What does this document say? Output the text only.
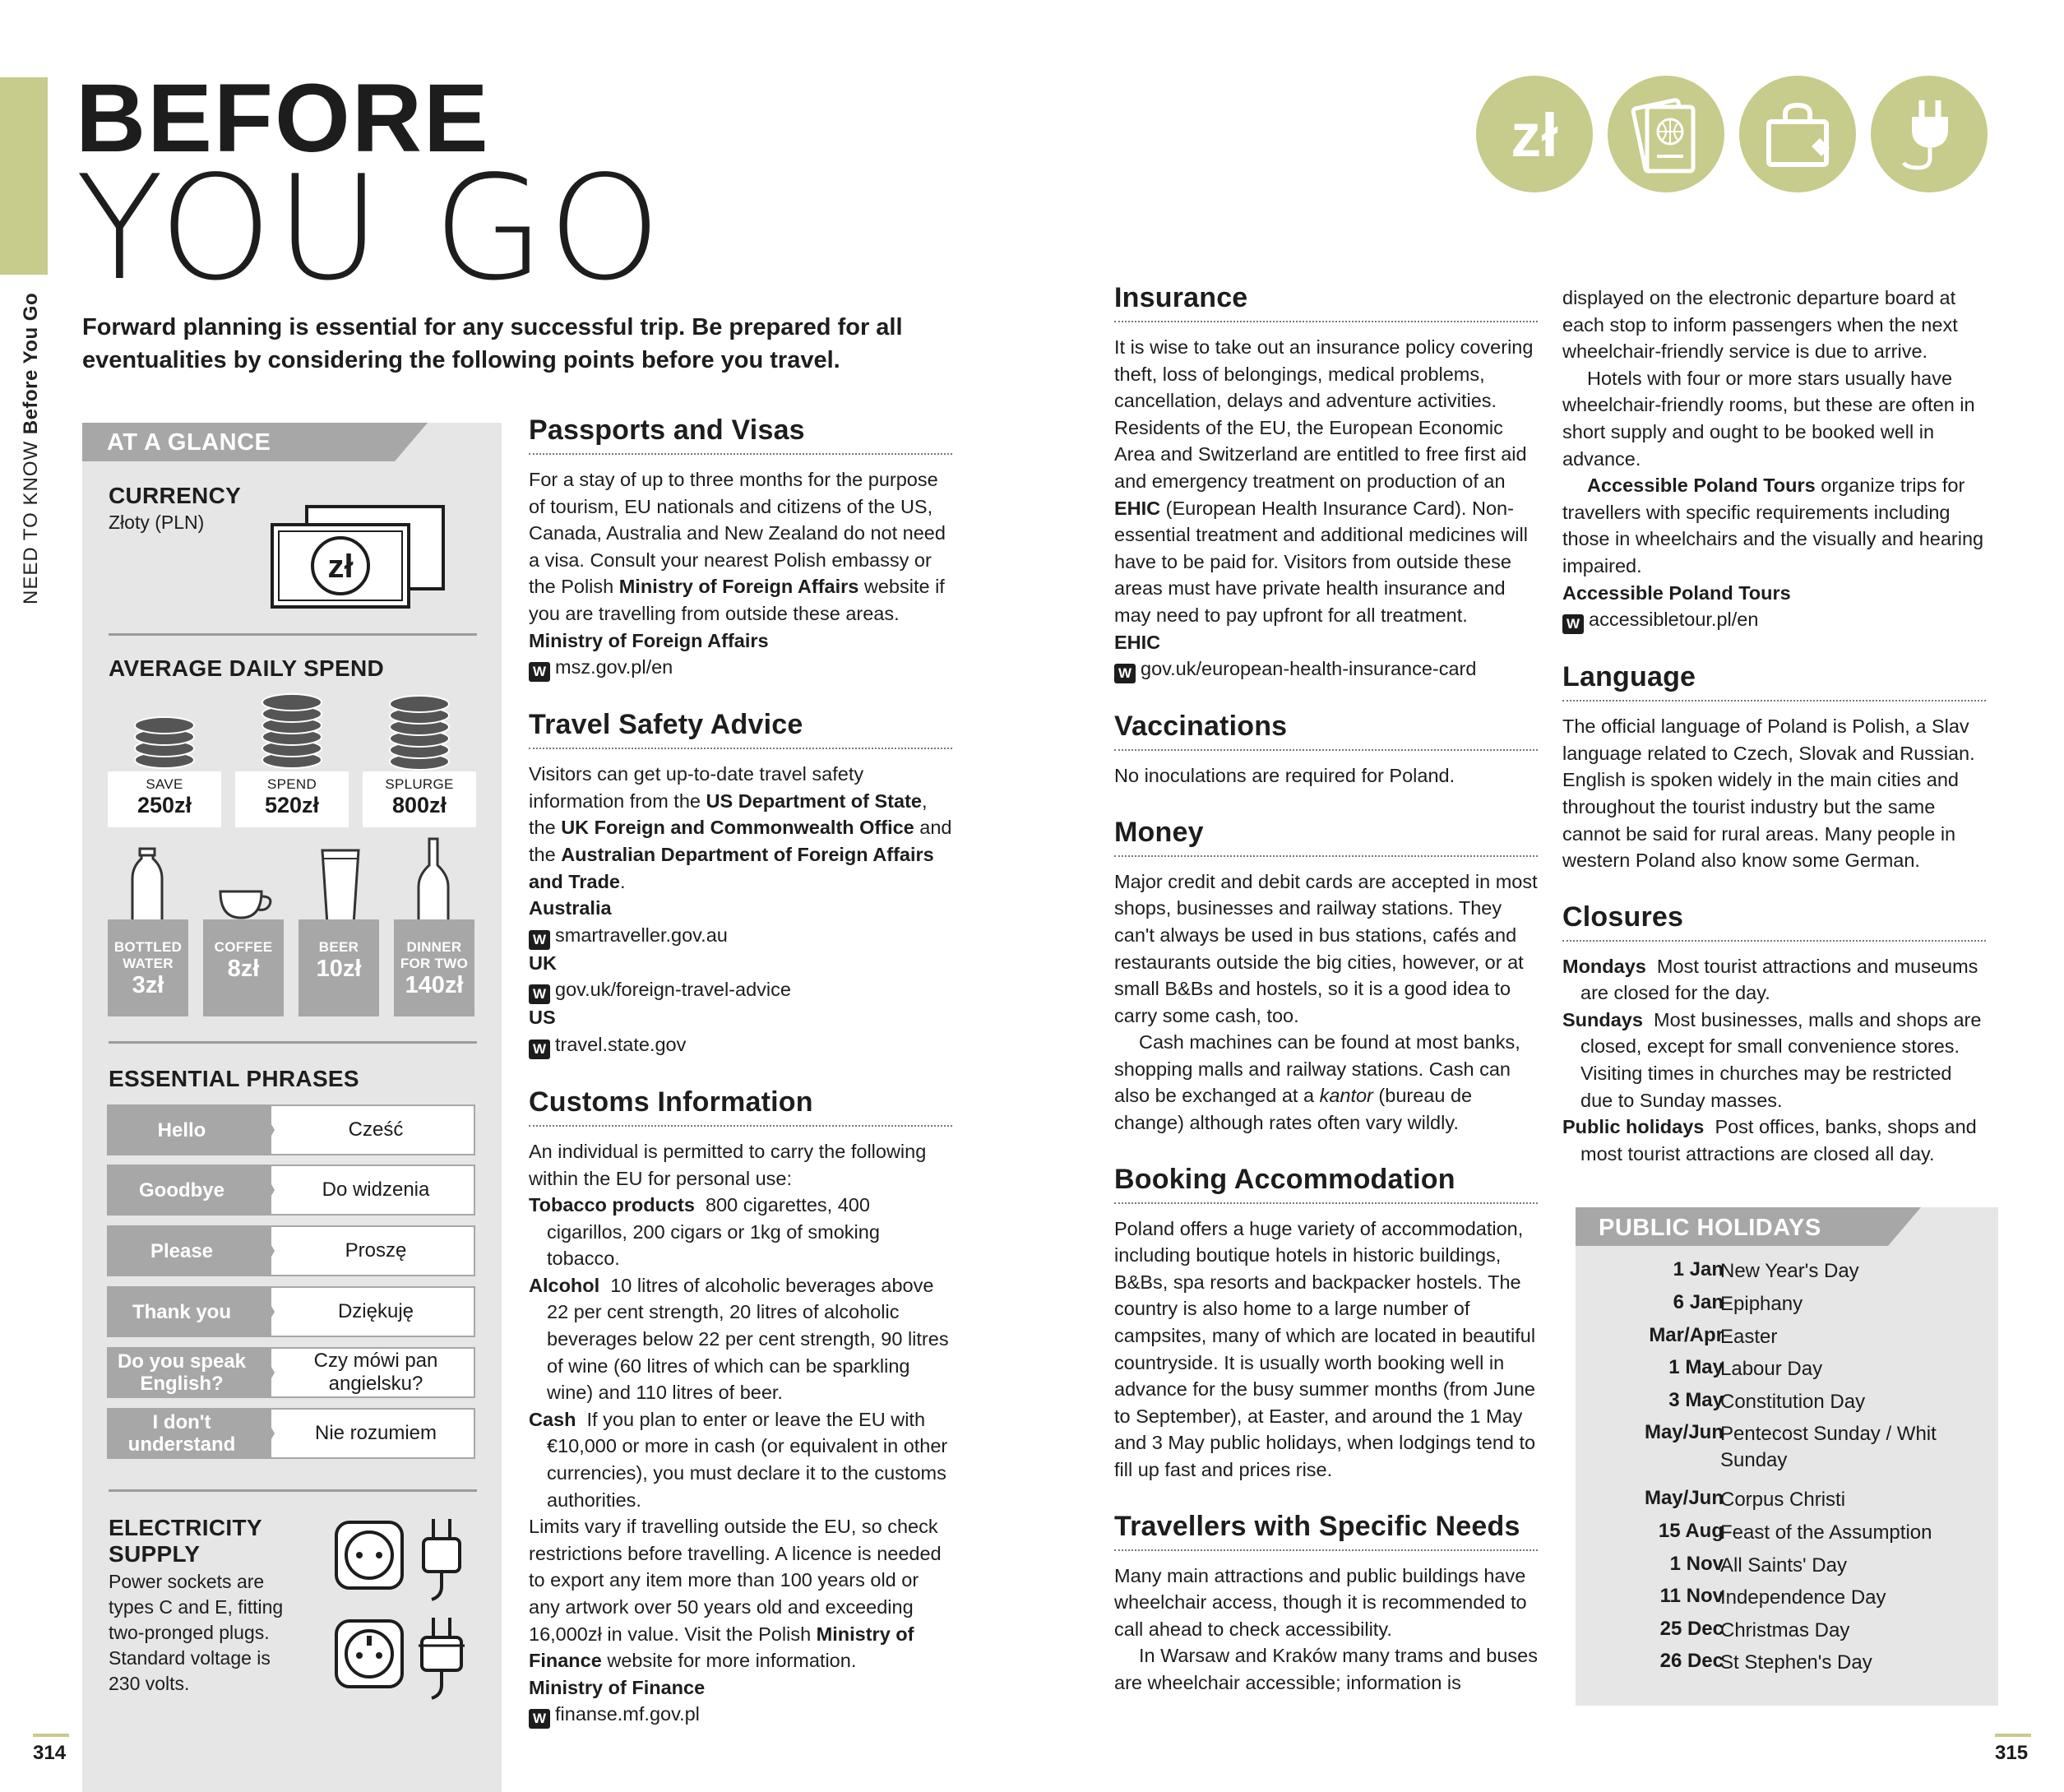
NEED TO KNOW Before You Go
BEFORE
YOU GO
Forward planning is essential for any successful trip. Be prepared for all eventualities by considering the following points before you travel.
zł
AT A GLANCE
CURRENCY
Złoty (PLN)
zł
AVERAGE DAILY SPEND
SAVE
250zł
SPEND
520zł
SPLURGE
800zł
BOTTLED
WATER
3zł
COFFEE
8zł
BEER
10zł
DINNER
FOR TWO
140zł
ESSENTIAL PHRASES
Cześć
Hello
Do widzenia
Goodbye
Proszę
Please
Dziękuję
Thank you
Czy mówi pan angielsku?
Do you speak English?
Nie rozumiem
I don't understand
ELECTRICITY
SUPPLY
Power sockets are types C and E, fitting two-pronged plugs. Standard voltage is 230 volts.
Passports and Visas
For a stay of up to three months for the purpose of tourism, EU nationals and citizens of the US, Canada, Australia and New Zealand do not need a visa. Consult your nearest Polish embassy or the Polish Ministry of Foreign Affairs website if you are travelling from outside these areas.
Ministry of Foreign Affairs
W msz.gov.pl/en
Travel Safety Advice
Visitors can get up-to-date travel safety information from the US Department of State, the UK Foreign and Commonwealth Office and the Australian Department of Foreign Affairs and Trade.
Australia
W smartraveller.gov.au
UK
W gov.uk/foreign-travel-advice
US
W travel.state.gov
Customs Information
An individual is permitted to carry the following within the EU for personal use:
Tobacco products 800 cigarettes, 400 cigarillos, 200 cigars or 1kg of smoking tobacco.
Alcohol 10 litres of alcoholic beverages above 22 per cent strength, 20 litres of alcoholic beverages below 22 per cent strength, 90 litres of wine (60 litres of which can be sparkling wine) and 110 litres of beer.
Cash If you plan to enter or leave the EU with €10,000 or more in cash (or equivalent in other currencies), you must declare it to the customs authorities.
Limits vary if travelling outside the EU, so check restrictions before travelling. A licence is needed to export any item more than 100 years old or any artwork over 50 years old and exceeding 16,000zł in value. Visit the Polish Ministry of Finance website for more information.
Ministry of Finance
W finanse.mf.gov.pl
Insurance
It is wise to take out an insurance policy covering theft, loss of belongings, medical problems, cancellation, delays and adventure activities. Residents of the EU, the European Economic Area and Switzerland are entitled to free first aid and emergency treatment on production of an EHIC (European Health Insurance Card). Non-essential treatment and additional medicines will have to be paid for. Visitors from outside these areas must have private health insurance and may need to pay upfront for all treatment.
EHIC
W gov.uk/european-health-insurance-card
Vaccinations
No inoculations are required for Poland.
Money
Major credit and debit cards are accepted in most shops, businesses and railway stations. They can't always be used in bus stations, cafés and restaurants outside the big cities, however, or at small B&Bs and hostels, so it is a good idea to carry some cash, too.
Cash machines can be found at most banks, shopping malls and railway stations. Cash can also be exchanged at a kantor (bureau de change) although rates often vary wildly.
Booking Accommodation
Poland offers a huge variety of accommodation, including boutique hotels in historic buildings, B&Bs, spa resorts and backpacker hostels. The country is also home to a large number of campsites, many of which are located in beautiful countryside. It is usually worth booking well in advance for the busy summer months (from June to September), at Easter, and around the 1 May and 3 May public holidays, when lodgings tend to fill up fast and prices rise.
Travellers with Specific Needs
Many main attractions and public buildings have wheelchair access, though it is recommended to call ahead to check accessibility.
In Warsaw and Kraków many trams and buses are wheelchair accessible; information is
displayed on the electronic departure board at each stop to inform passengers when the next wheelchair-friendly service is due to arrive.
Hotels with four or more stars usually have wheelchair-friendly rooms, but these are often in short supply and ought to be booked well in advance.
Accessible Poland Tours organize trips for travellers with specific requirements including those in wheelchairs and the visually and hearing impaired.
Accessible Poland Tours
W accessibletour.pl/en
Language
The official language of Poland is Polish, a Slav language related to Czech, Slovak and Russian. English is spoken widely in the main cities and throughout the tourist industry but the same cannot be said for rural areas. Many people in western Poland also know some German.
Closures
Mondays Most tourist attractions and museums are closed for the day.
Sundays Most businesses, malls and shops are closed, except for small convenience stores. Visiting times in churches may be restricted due to Sunday masses.
Public holidays Post offices, banks, shops and most tourist attractions are closed all day.
PUBLIC HOLIDAYS
1 Jan
New Year's Day
6 Jan
Epiphany
Mar/Apr
Easter
1 May
Labour Day
3 May
Constitution Day
May/Jun
Pentecost Sunday / Whit Sunday
May/Jun
Corpus Christi
15 Aug
Feast of the Assumption
1 Nov
All Saints' Day
11 Nov
Independence Day
25 Dec
Christmas Day
26 Dec
St Stephen's Day
314	315
